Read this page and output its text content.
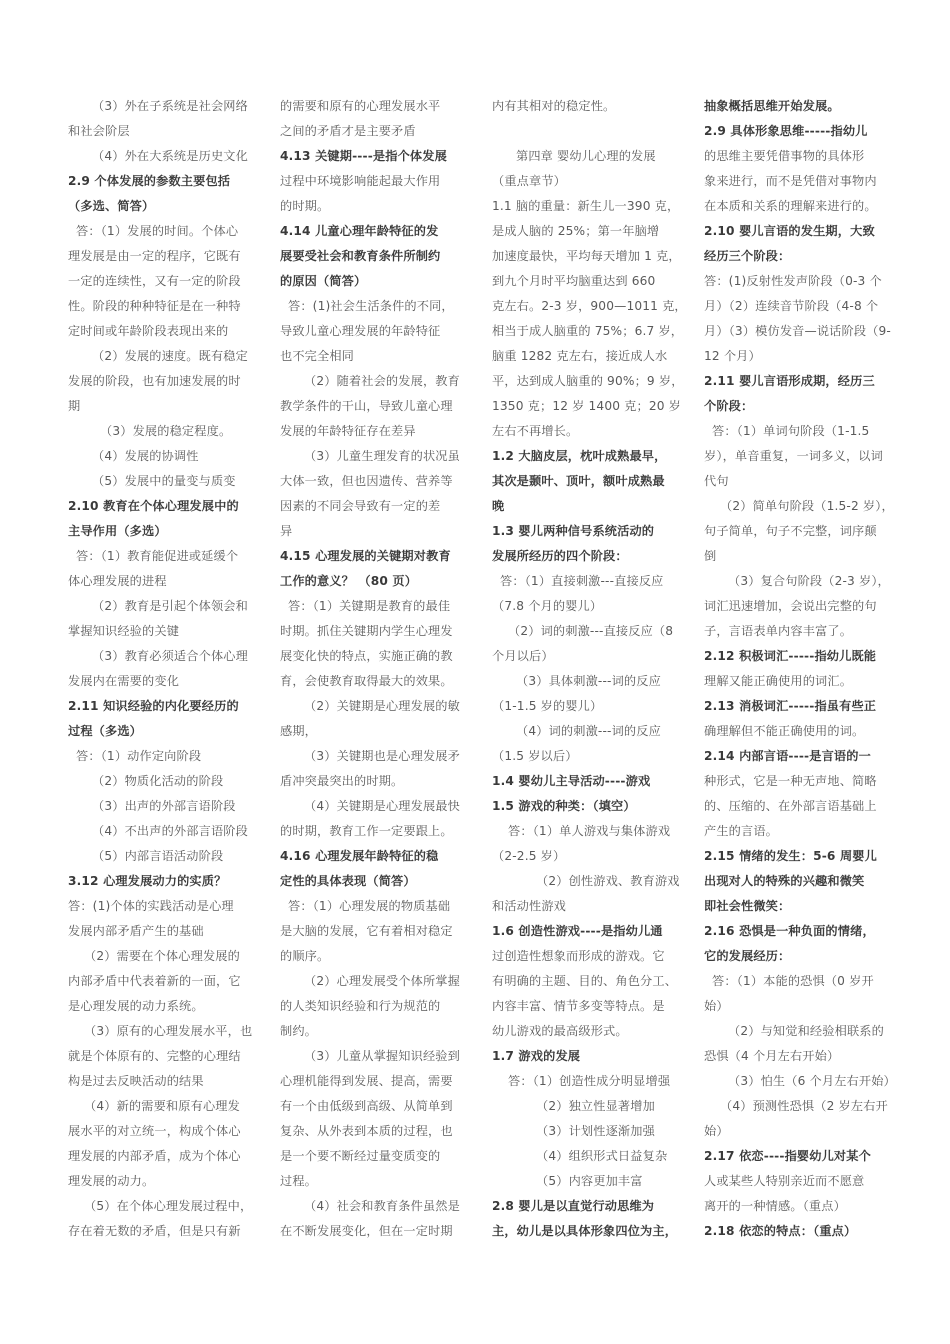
（3）外在子系统是社会网络
和社会阶层
（4）外在大系统是历史文化
2.9 个体发展的参数主要包括
（多选、简答）
答：（1）发展的时间。个体心
理发展是由一定的程序，它既有
一定的连续性，又有一定的阶段
性。阶段的种种特征是在一种特
定时间或年龄阶段表现出来的
（2）发展的速度。既有稳定
发展的阶段，也有加速发展的时
期
（3）发展的稳定程度。
（4）发展的协调性
（5）发展中的量变与质变
2.10 教育在个体心理发展中的
主导作用（多选）
答：（1）教育能促进或延缓个
体心理发展的进程
（2）教育是引起个体领会和
掌握知识经验的关键
（3）教育必须适合个体心理
发展内在需要的变化
2.11 知识经验的内化要经历的
过程（多选）
答：（1）动作定向阶段
（2）物质化活动的阶段
（3）出声的外部言语阶段
（4）不出声的外部言语阶段
（5）内部言语活动阶段
3.12 心理发展动力的实质？
答：(1)个体的实践活动是心理
发展内部矛盾产生的基础
（2）需要在个体心理发展的
内部矛盾中代表着新的一面，它
是心理发展的动力系统。
（3）原有的心理发展水平，也
就是个体原有的、完整的心理结
构是过去反映活动的结果
（4）新的需要和原有心理发
展水平的对立统一，构成个体心
理发展的内部矛盾，成为个体心
理发展的动力。
（5）在个体心理发展过程中，
存在着无数的矛盾，但是只有新
的需要和原有的心理发展水平
之间的矛盾才是主要矛盾
4.13 关键期----是指个体发展
过程中环境影响能起最大作用
的时期。
4.14 儿童心理年龄特征的发
展要受社会和教育条件所制约
的原因（简答）
答：(1)社会生活条件的不同，
导致儿童心理发展的年龄特征
也不完全相同
（2）随着社会的发展，教育
教学条件的干山，导致儿童心理
发展的年龄特征存在差异
（3）儿童生理发育的状况虽
大体一致，但也因遗传、营养等
因素的不同会导致有一定的差
异
4.15 心理发展的关键期对教育
工作的意义？ （80 页）
答：（1）关键期是教育的最佳
时期。抓住关键期内学生心理发
展变化快的特点，实施正确的教
育，会使教育取得最大的效果。
（2）关键期是心理发展的敏
感期，
（3）关键期也是心理发展矛
盾冲突最突出的时期。
（4）关键期是心理发展最快
的时期，教育工作一定要跟上。
4.16 心理发展年龄特征的稳
定性的具体表现（简答）
答：（1）心理发展的物质基础
是大脑的发展，它有着相对稳定
的顺序。
（2）心理发展受个体所掌握
的人类知识经验和行为规范的
制约。
（3）儿童从掌握知识经验到
心理机能得到发展、提高，需要
有一个由低级到高级、从简单到
复杂、从外表到本质的过程，也
是一个要不断经过量变质变的
过程。
（4）社会和教育条件虽然是
在不断发展变化，但在一定时期
内有其相对的稳定性。
第四章 婴幼儿心理的发展
（重点章节）
1.1 脑的重量：新生儿一390 克，
是成人脑的 25%；第一年脑增
加速度最快，平均每天增加 1 克，
到九个月时平均脑重达到 660
克左右。2-3 岁，900—1011 克，
相当于成人脑重的 75%；6.7 岁，
脑重 1282 克左右，接近成人水
平，达到成人脑重的 90%；9 岁，
1350 克；12 岁 1400 克；20 岁
左右不再增长。
1.2 大脑皮层，枕叶成熟最早，
其次是颞叶、顶叶，额叶成熟最
晚
1.3 婴儿两种信号系统活动的
发展所经历的四个阶段：
答：（1）直接刺激---直接反应
（7.8 个月的婴儿）
（2）词的刺激---直接反应（8
个月以后）
（3）具体刺激---词的反应
（1-1.5 岁的婴儿）
（4）词的刺激---词的反应
（1.5 岁以后）
1.4 婴幼儿主导活动----游戏
1.5 游戏的种类：（填空）
答：（1）单人游戏与集体游戏
（2-2.5 岁）
（2）创性游戏、教育游戏
和活动性游戏
1.6 创造性游戏----是指幼儿通
过创造性想象而形成的游戏。它
有明确的主题、目的、角色分工、
内容丰富、情节多变等特点。是
幼儿游戏的最高级形式。
1.7 游戏的发展
答：（1）创造性成分明显增强
（2）独立性显著增加
（3）计划性逐渐加强
（4）组织形式日益复杂
（5）内容更加丰富
2.8 婴儿是以直觉行动思维为
主，幼儿是以具体形象四位为主，
抽象概括思维开始发展。
2.9 具体形象思维-----指幼儿
的思维主要凭借事物的具体形
象来进行，而不是凭借对事物内
在本质和关系的理解来进行的。
2.10 婴儿言语的发生期，大致
经历三个阶段：
答：(1)反射性发声阶段（0-3 个
月）（2）连续音节阶段（4-8 个
月）（3）模仿发音—说话阶段（9-
12 个月）
2.11 婴儿言语形成期，经历三
个阶段：
答：（1）单词句阶段（1-1.5
岁），单音重复，一词多义，以词
代句
（2）简单句阶段（1.5-2 岁），
句子简单，句子不完整，词序颠
倒
（3）复合句阶段（2-3 岁），
词汇迅速增加，会说出完整的句
子，言语表单内容丰富了。
2.12 积极词汇-----指幼儿既能
理解又能正确使用的词汇。
2.13 消极词汇-----指虽有些正
确理解但不能正确使用的词。
2.14 内部言语----是言语的一
种形式，它是一种无声地、简略
的、压缩的、在外部言语基础上
产生的言语。
2.15 情绪的发生：5-6 周婴儿
出现对人的特殊的兴趣和微笑
即社会性微笑：
2.16 恐惧是一种负面的情绪，
它的发展经历：
答：（1）本能的恐惧（0 岁开
始）
（2）与知觉和经验相联系的
恐惧（4 个月左右开始）
（3）怕生（6 个月左右开始）
（4）预测性恐惧（2 岁左右开
始）
2.17 依恋----指婴幼儿对某个
人或某些人特别亲近而不愿意
离开的一种情感。（重点）
2.18 依恋的特点：（重点）
